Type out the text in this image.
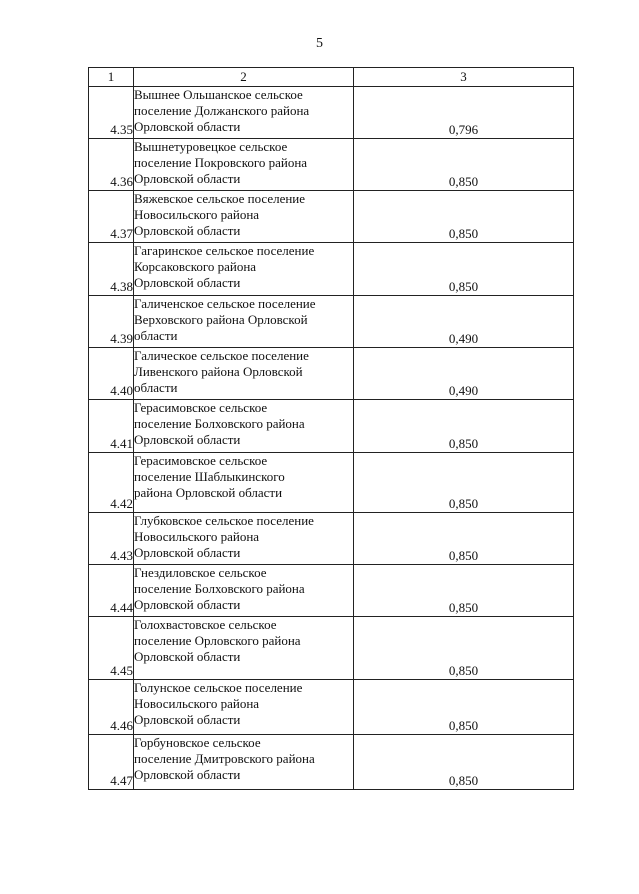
5
1	2	3
4.35	Вышнее Ольшанское сельское
поселение Должанского района
Орловской области	0,796
4.36	Вышнетуровецкое сельское
поселение Покровского района
Орловской области	0,850
4.37	Вяжевское сельское поселение
Новосильского района
Орловской области	0,850
4.38	Гагаринское сельское поселение
Корсаковского района
Орловской области	0,850
4.39	Галиченское сельское поселение
Верховского района Орловской
области	0,490
4.40	Галическое сельское поселение
Ливенского района Орловской
области	0,490
4.41	Герасимовское сельское
поселение Болховского района
Орловской области	0,850
4.42	Герасимовское сельское
поселение Шаблыкинского
района Орловской области	0,850
4.43	Глубковское сельское поселение
Новосильского района
Орловской области	0,850
4.44	Гнездиловское сельское
поселение Болховского района
Орловской области	0,850
4.45	Голохвастовское сельское
поселение Орловского района
Орловской области	0,850
4.46	Голунское сельское поселение
Новосильского района
Орловской области	0,850
4.47	Горбуновское сельское
поселение Дмитровского района
Орловской области	0,850
